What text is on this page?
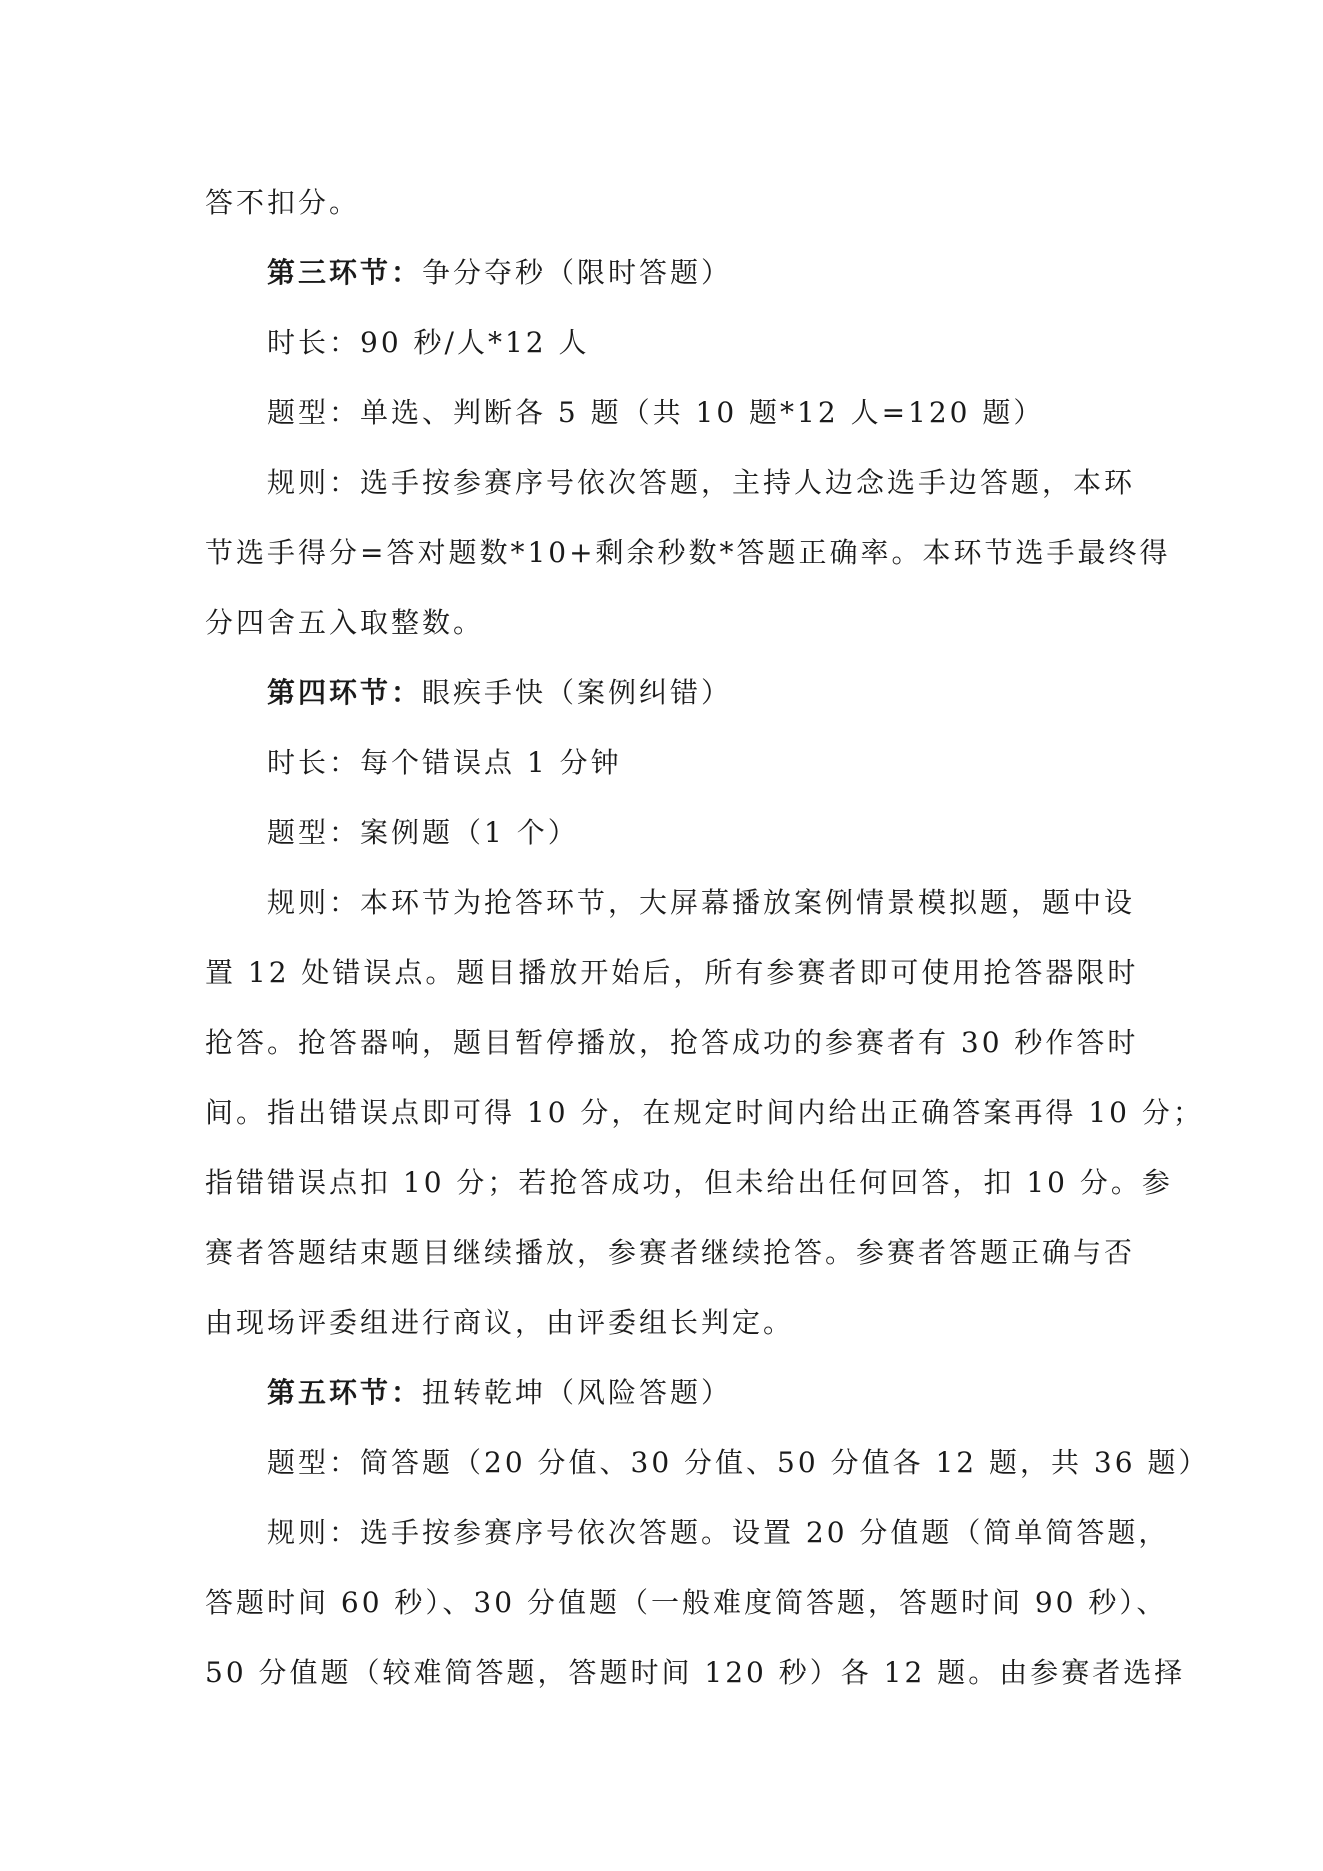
答不扣分。

第三环节：争分夺秒（限时答题）

时长：90 秒/人*12 人

题型：单选、判断各 5 题（共 10 题*12 人=120 题）

规则：选手按参赛序号依次答题，主持人边念选手边答题，本环

节选手得分=答对题数*10+剩余秒数*答题正确率。本环节选手最终得

分四舍五入取整数。

第四环节：眼疾手快（案例纠错）

时长：每个错误点 1 分钟

题型：案例题（1 个）

规则：本环节为抢答环节，大屏幕播放案例情景模拟题，题中设

置 12 处错误点。题目播放开始后，所有参赛者即可使用抢答器限时

抢答。抢答器响，题目暂停播放，抢答成功的参赛者有 30 秒作答时

间。指出错误点即可得 10 分，在规定时间内给出正确答案再得 10 分；

指错错误点扣 10 分；若抢答成功，但未给出任何回答，扣 10 分。参

赛者答题结束题目继续播放，参赛者继续抢答。参赛者答题正确与否

由现场评委组进行商议，由评委组长判定。

第五环节：扭转乾坤（风险答题）

题型：简答题（20 分值、30 分值、50 分值各 12 题，共 36 题）

规则：选手按参赛序号依次答题。设置 20 分值题（简单简答题，

答题时间 60 秒）、30 分值题（一般难度简答题，答题时间 90 秒）、

50 分值题（较难简答题，答题时间 120 秒）各 12 题。由参赛者选择
